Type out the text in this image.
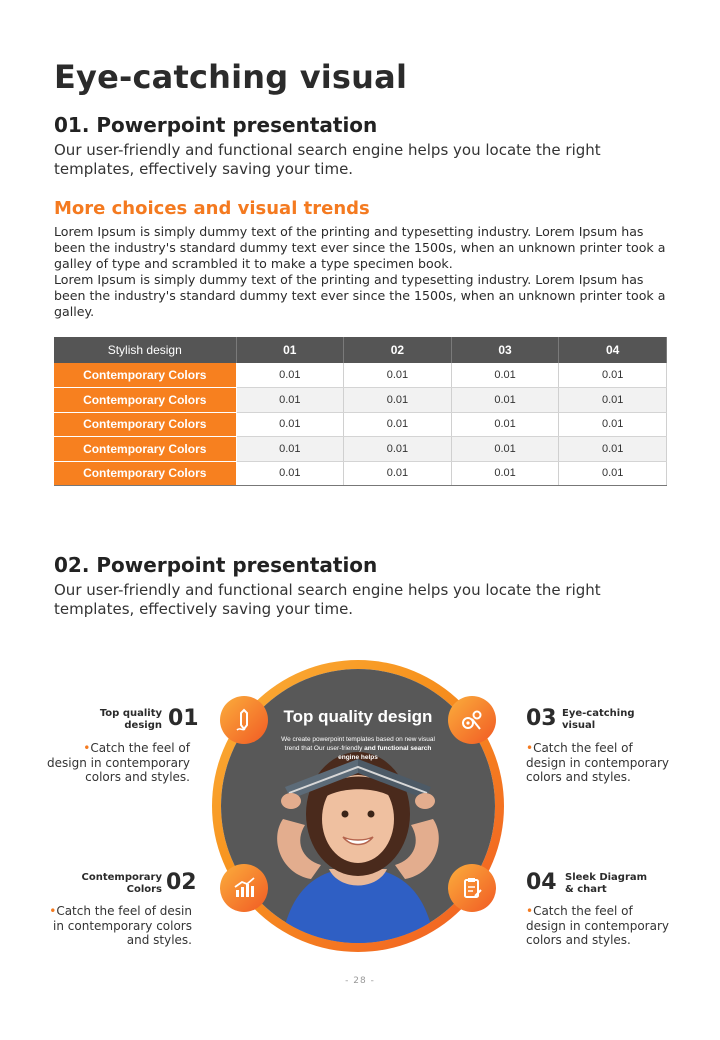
Eye-catching visual
01. Powerpoint presentation
Our user-friendly and functional search engine helps you locate the right templates, effectively saving your time.
More choices and visual trends
Lorem Ipsum is simply dummy text of the printing and typesetting industry. Lorem Ipsum has been the industry's standard dummy text ever since the 1500s, when an unknown printer took a galley of type and scrambled it to make a type specimen book.
Lorem Ipsum is simply dummy text of the printing and typesetting industry. Lorem Ipsum has been the industry's standard dummy text ever since the 1500s, when an unknown printer took a galley.
Stylish design	01	02	03	04
Contemporary Colors	0.01	0.01	0.01	0.01
Contemporary Colors	0.01	0.01	0.01	0.01
Contemporary Colors	0.01	0.01	0.01	0.01
Contemporary Colors	0.01	0.01	0.01	0.01
Contemporary Colors	0.01	0.01	0.01	0.01
02. Powerpoint presentation
Our user-friendly and functional search engine helps you locate the right templates, effectively saving your time.
Top quality design
We create powerpoint templates based on new visual trend that Our user-friendly and functional search engine helps
Top quality design 01
•Catch the feel of design in contemporary colors and styles.
Contemporary Colors 02
•Catch the feel of desin in contemporary colors and styles.
03 Eye-catching visual
•Catch the feel of design in contemporary colors and styles.
04 Sleek Diagram & chart
•Catch the feel of design in contemporary colors and styles.
- 28 -
